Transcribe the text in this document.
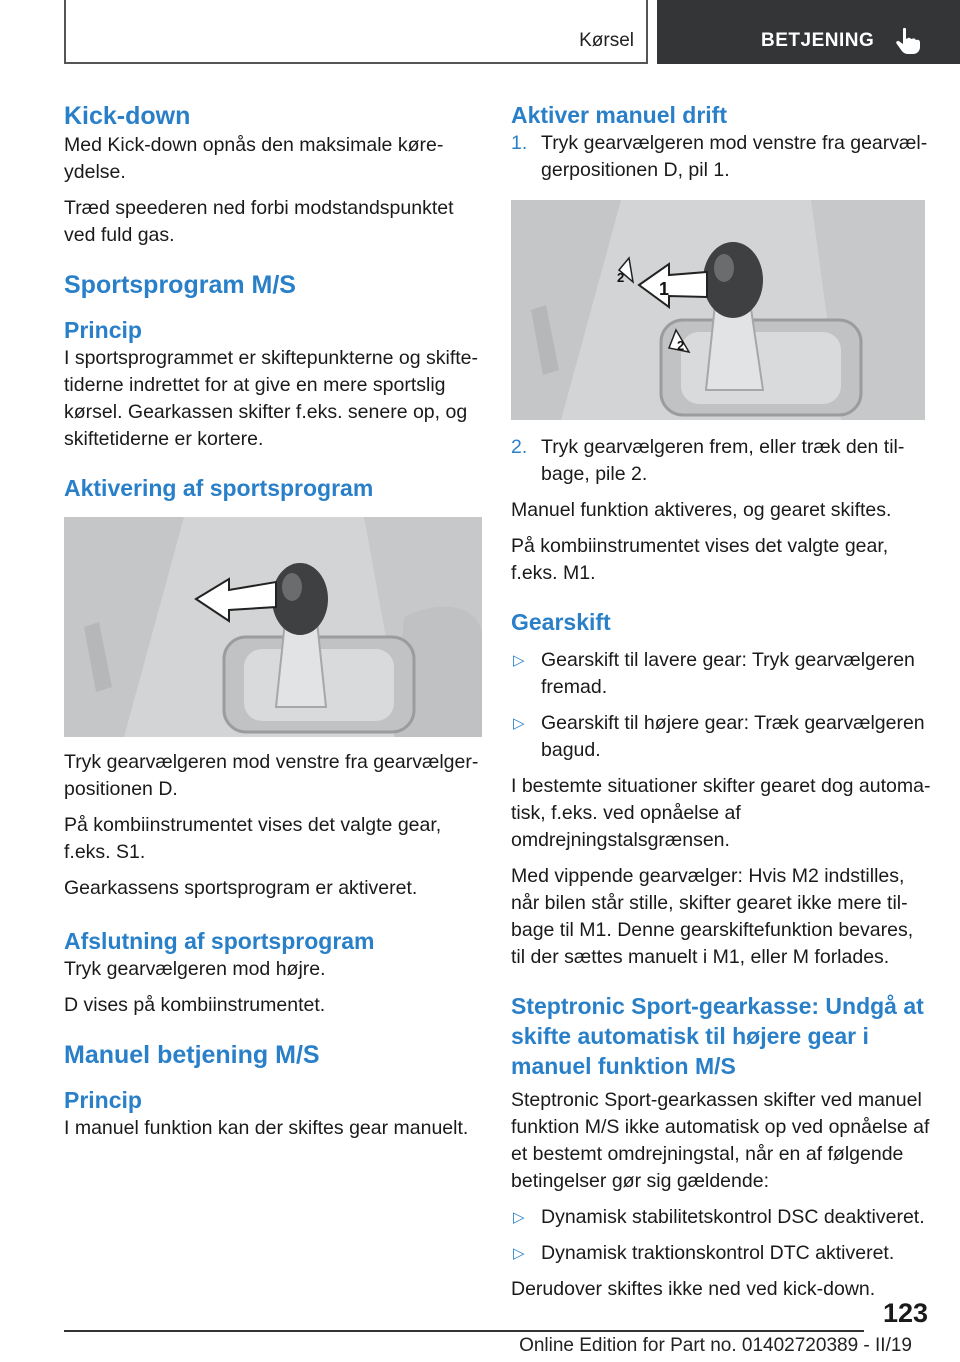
Kørsel	BETJENING
Kick-down

Med Kick-down opnås den maksimale køreydelse.

Træd speederen ned forbi modstandspunktet ved fuld gas.

Sportsprogram M/S
Princip

I sportsprogrammet er skiftepunkterne og skiftetiderne indrettet for at give en mere sportslig kørsel. Gearkassen skifter f.eks. senere op, og skiftetiderne er kortere.

Aktivering af sportsprogram

Tryk gearvælgeren mod venstre fra gearvælgerpositionen D.

På kombiinstrumentet vises det valgte gear, f.eks. S1.

Gearkassens sportsprogram er aktiveret.

Afslutning af sportsprogram

Tryk gearvælgeren mod højre.

D vises på kombiinstrumentet.

Manuel betjening M/S
Princip

I manuel funktion kan der skiftes gear manuelt.

Aktiver manuel drift
1. Tryk gearvælgeren mod venstre fra gearvælgerpositionen D, pil 1.
1
2
2
2. Tryk gearvælgeren frem, eller træk den tilbage, pile 2.

Manuel funktion aktiveres, og gearet skiftes.

På kombiinstrumentet vises det valgte gear, f.eks. M1.

Gearskift
▷ Gearskift til lavere gear: Tryk gearvælgeren fremad.
▷ Gearskift til højere gear: Træk gearvælgeren bagud.

I bestemte situationer skifter gearet dog automatisk, f.eks. ved opnåelse af omdrejningstalsgrænsen.

Med vippende gearvælger: Hvis M2 indstilles, når bilen står stille, skifter gearet ikke mere tilbage til M1. Denne gearskiftefunktion bevares, til der sættes manuelt i M1, eller M forlades.

Steptronic Sport-gearkasse: Undgå at skifte automatisk til højere gear i manuel funktion M/S

Steptronic Sport-gearkassen skifter ved manuel funktion M/S ikke automatisk op ved opnåelse af et bestemt omdrejningstal, når en af følgende betingelser gør sig gældende:

▷ Dynamisk stabilitetskontrol DSC deaktiveret.
▷ Dynamisk traktionskontrol DTC aktiveret.

Derudover skiftes ikke ned ved kick-down.

123
Online Edition for Part no. 01402720389 - II/19
